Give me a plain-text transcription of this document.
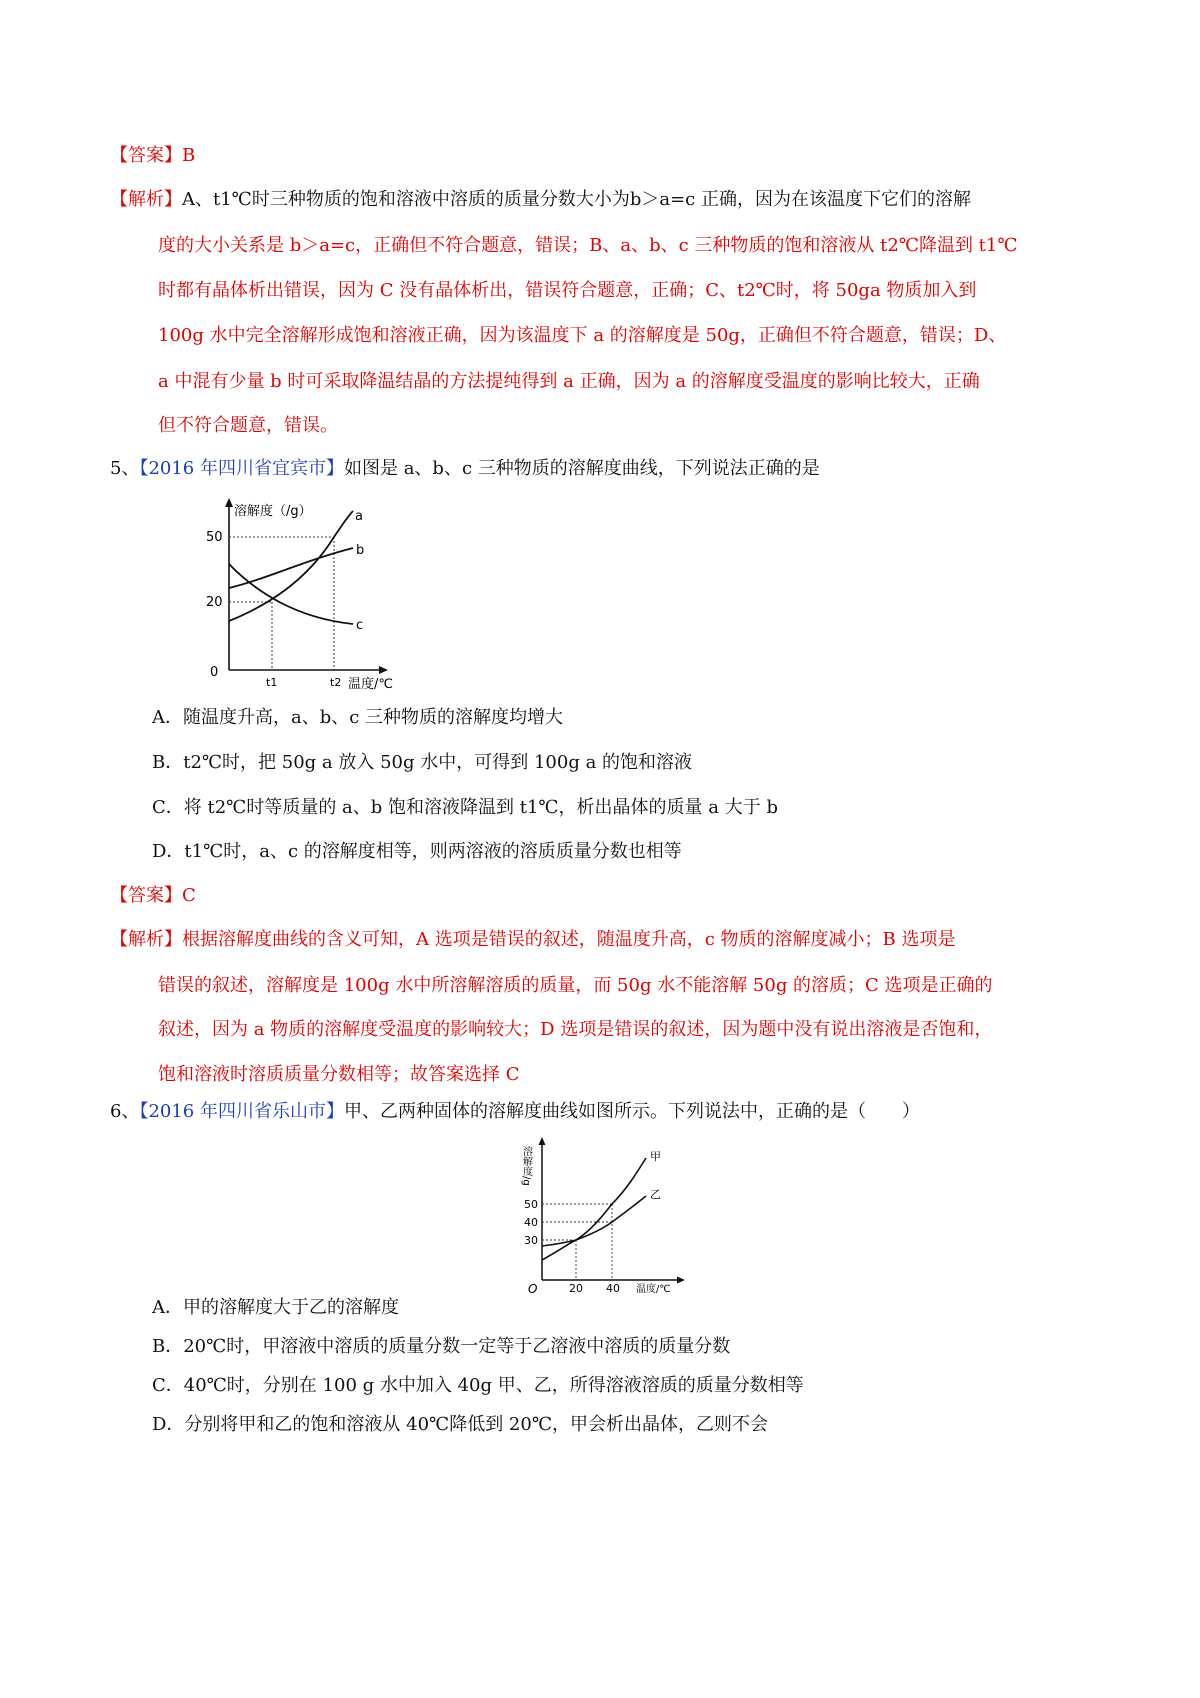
【答案】B
【解析】A、t1℃时三种物质的饱和溶液中溶质的质量分数大小为b＞a=c 正确，因为在该温度下它们的溶解
度的大小关系是 b＞a=c，正确但不符合题意，错误；B、a、b、c 三种物质的饱和溶液从 t2℃降温到 t1℃
时都有晶体析出错误，因为 C 没有晶体析出，错误符合题意，正确；C、t2℃时，将 50ga 物质加入到
100g 水中完全溶解形成饱和溶液正确，因为该温度下 a 的溶解度是 50g，正确但不符合题意，错误；D、
a 中混有少量 b 时可采取降温结晶的方法提纯得到 a 正确，因为 a 的溶解度受温度的影响比较大，正确
但不符合题意，错误。
5、【2016 年四川省宜宾市】如图是 a、b、c 三种物质的溶解度曲线，下列说法正确的是
溶解度（/g）
温度/℃
0
50
20
t1	t2
a
b
c
A．随温度升高，a、b、c 三种物质的溶解度均增大
B．t2℃时，把 50g a 放入 50g 水中，可得到 100g a 的饱和溶液
C．将 t2℃时等质量的 a、b 饱和溶液降温到 t1℃，析出晶体的质量 a 大于 b
D．t1℃时，a、c 的溶解度相等，则两溶液的溶质质量分数也相等
【答案】C
【解析】根据溶解度曲线的含义可知，A 选项是错误的叙述，随温度升高，c 物质的溶解度减小；B 选项是
错误的叙述，溶解度是 100g 水中所溶解溶质的质量，而 50g 水不能溶解 50g 的溶质；C 选项是正确的
叙述，因为 a 物质的溶解度受温度的影响较大；D 选项是错误的叙述，因为题中没有说出溶液是否饱和，
饱和溶液时溶质质量分数相等；故答案选择 C
6、【2016 年四川省乐山市】甲、乙两种固体的溶解度曲线如图所示。下列说法中，正确的是（　　）
溶解度/g
温度/℃
O
50
40
30
20 40
甲
乙
A．甲的溶解度大于乙的溶解度
B．20℃时，甲溶液中溶质的质量分数一定等于乙溶液中溶质的质量分数
C．40℃时，分别在 100 g 水中加入 40g 甲、乙，所得溶液溶质的质量分数相等
D．分别将甲和乙的饱和溶液从 40℃降低到 20℃，甲会析出晶体，乙则不会
